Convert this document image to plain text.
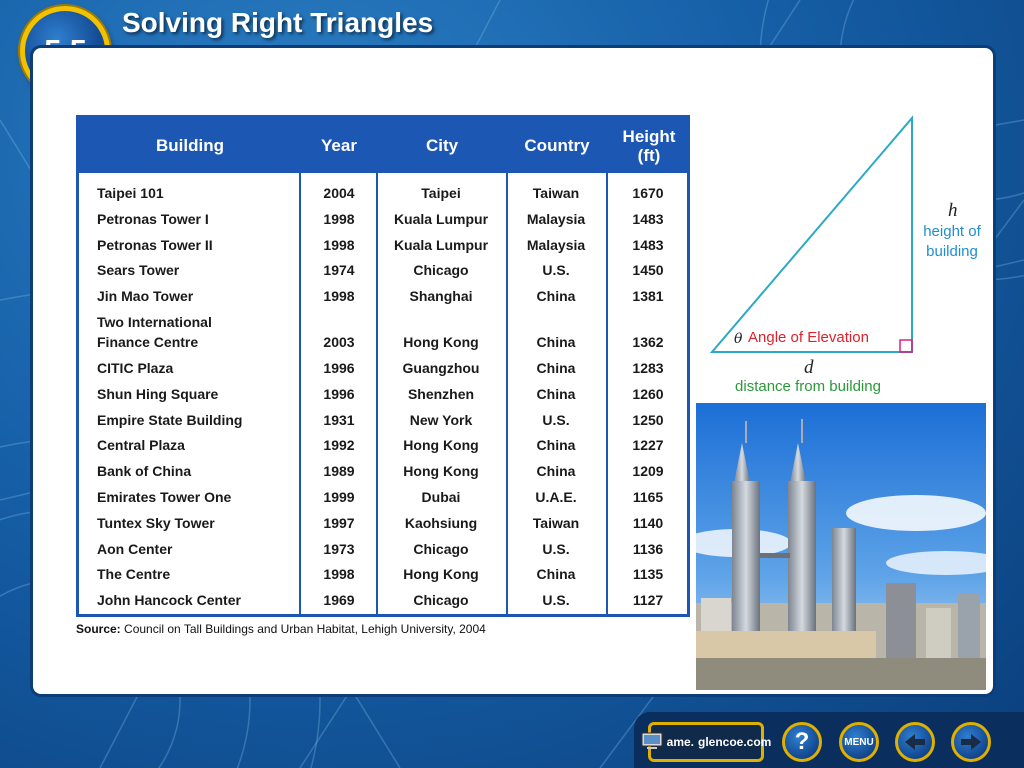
Solving Right Triangles
Building	Year	City	Country	Height
(ft)
Taipei 101	2004	Taipei	Taiwan	1670
Petronas Tower I	1998	Kuala Lumpur	Malaysia	1483
Petronas Tower II	1998	Kuala Lumpur	Malaysia	1483
Sears Tower	1974	Chicago	U.S.	1450
Jin Mao Tower	1998	Shanghai	China	1381
Two International
Finance Centre	2003	Hong Kong	China	1362
CITIC Plaza	1996	Guangzhou	China	1283
Shun Hing Square	1996	Shenzhen	China	1260
Empire State Building	1931	New York	U.S.	1250
Central Plaza	1992	Hong Kong	China	1227
Bank of China	1989	Hong Kong	China	1209
Emirates Tower One	1999	Dubai	U.A.E.	1165
Tuntex Sky Tower	1997	Kaohsiung	Taiwan	1140
Aon Center	1973	Chicago	U.S.	1136
The Centre	1998	Hong Kong	China	1135
John Hancock Center	1969	Chicago	U.S.	1127
Source: Council on Tall Buildings and Urban Habitat, Lehigh University, 2004
θ Angle of Elevation
h
height of
building
d
distance from building
ame. glencoe.com ?	MENU
